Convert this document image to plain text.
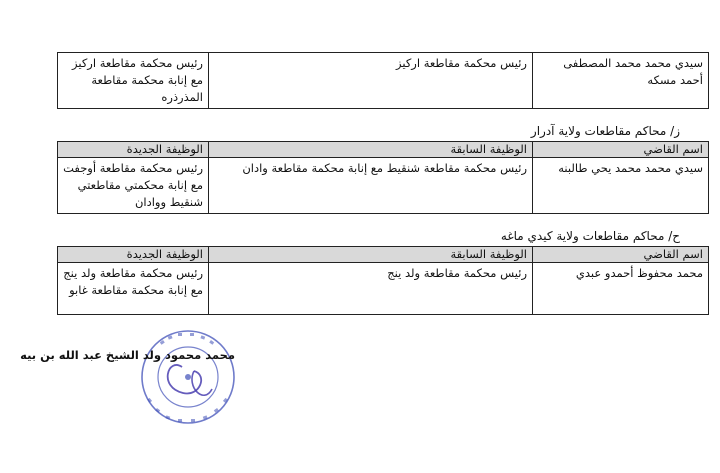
سيدي محمد محمد المصطفى أحمد مسكه	رئيس محكمة مقاطعة اركيز	رئيس محكمة مقاطعة اركيز مع إنابة محكمة مقاطعة المذرذره
ز/ محاكم مقاطعات ولاية آدرار
اسم القاضي	الوظيفة السابقة	الوظيفة الجديدة
سيدي محمد محمد يحي طالبنه	رئيس محكمة مقاطعة شنقيط مع إنابة محكمة مقاطعة وادان	رئيس محكمة مقاطعة أوجفت مع إنابة محكمتي مقاطعتي شنقيط ووادان
ح/ محاكم مقاطعات ولاية كيدي ماغه
اسم القاضي	الوظيفة السابقة	الوظيفة الجديدة
محمد محفوظ أحمدو عبدي	رئيس محكمة مقاطعة ولد ينج	رئيس محكمة مقاطعة ولد ينج مع إنابة محكمة مقاطعة غابو
محمد محمود ولد الشيخ عبد الله بن بيه
